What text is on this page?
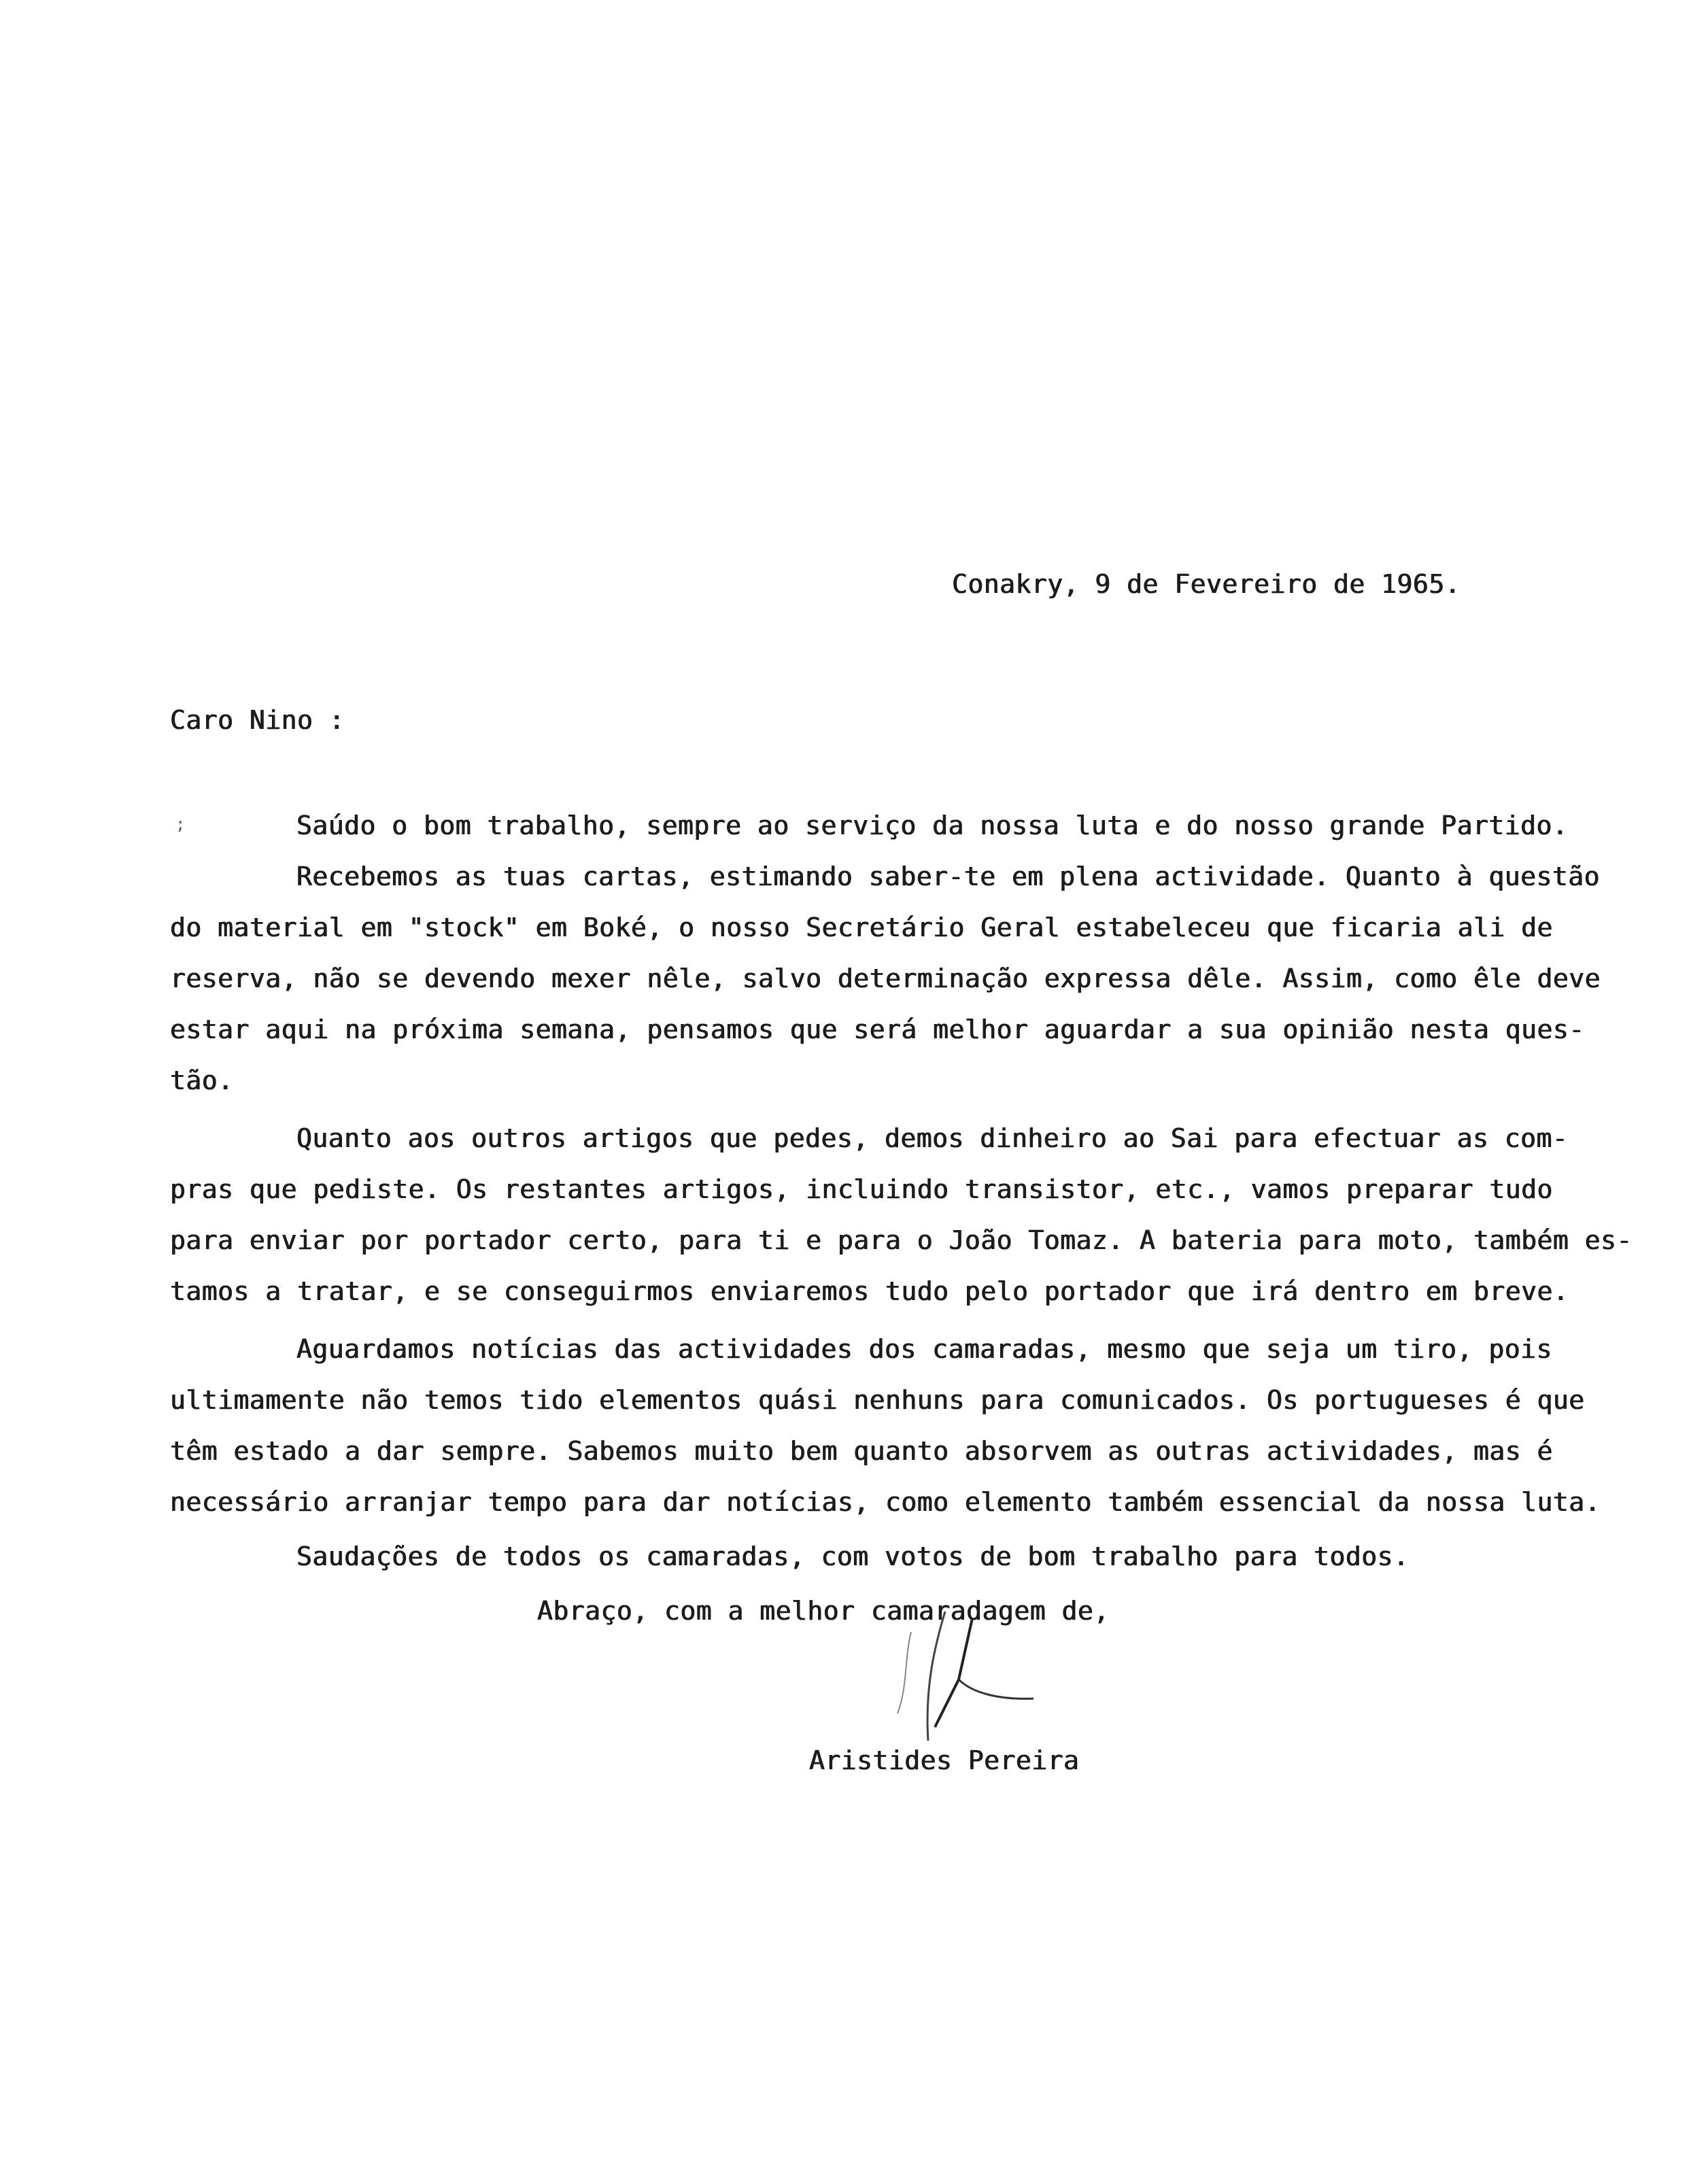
Conakry, 9 de Fevereiro de 1965.
Caro Nino :
;	Saúdo o bom trabalho, sempre ao serviço da nossa luta e do nosso grande Partido.
Recebemos as tuas cartas, estimando saber-te em plena actividade. Quanto à questão
do material em "stock" em Boké, o nosso Secretário Geral estabeleceu que ficaria ali de
reserva, não se devendo mexer nêle, salvo determinação expressa dêle. Assim, como êle deve
estar aqui na próxima semana, pensamos que será melhor aguardar a sua opinião nesta ques-
tão.
Quanto aos outros artigos que pedes, demos dinheiro ao Sai para efectuar as com-
pras que pediste. Os restantes artigos, incluindo transistor, etc., vamos preparar tudo
para enviar por portador certo, para ti e para o João Tomaz. A bateria para moto, também es-
tamos a tratar, e se conseguirmos enviaremos tudo pelo portador que irá dentro em breve.
Aguardamos notícias das actividades dos camaradas, mesmo que seja um tiro, pois
ultimamente não temos tido elementos quási nenhuns para comunicados. Os portugueses é que
têm estado a dar sempre. Sabemos muito bem quanto absorvem as outras actividades, mas é
necessário arranjar tempo para dar notícias, como elemento também essencial da nossa luta.
Saudações de todos os camaradas, com votos de bom trabalho para todos.
Abraço, com a melhor camaradagem de,
Aristides Pereira
